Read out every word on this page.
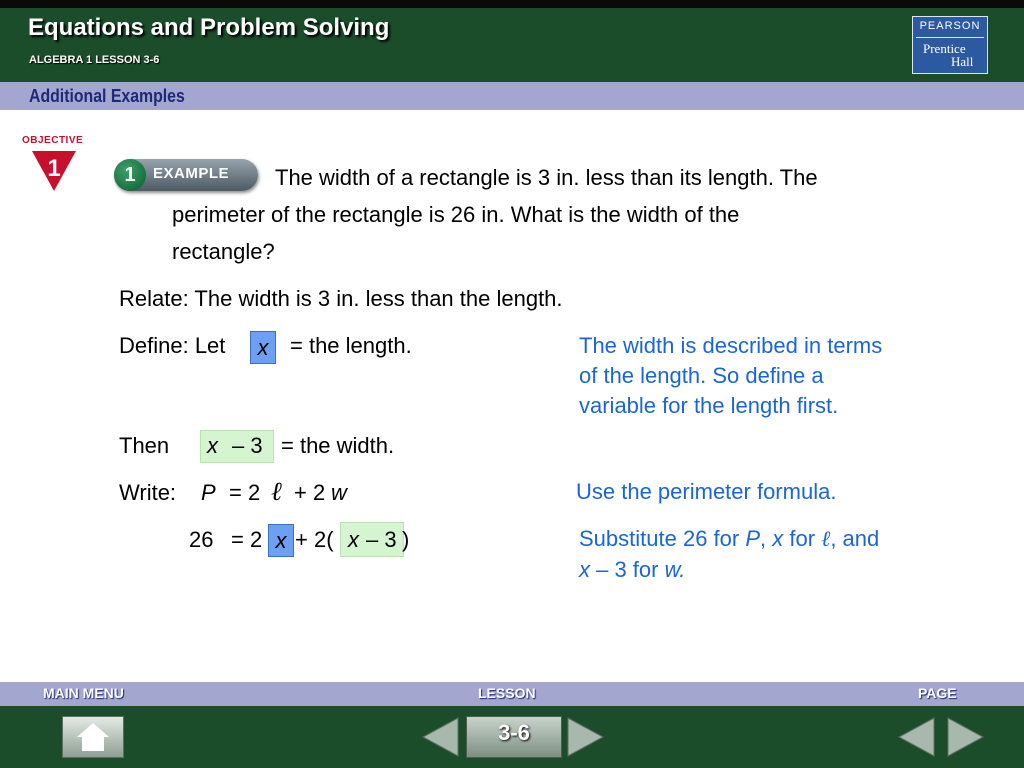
Equations and Problem Solving
ALGEBRA 1 LESSON 3-6
PEARSON
Prentice
Hall
Additional Examples
OBJECTIVE
1	1	EXAMPLE The width of a rectangle is 3 in. less than its length. The
perimeter of the rectangle is 26 in. What is the width of the
rectangle?
Relate: The width is 3 in. less than the length.
Define: Let	x = the length.
Then x – 3 = the width.
Write: P = 2 ℓ + 2 w
26 = 2 x + 2( x – 3 )
The width is described in terms
of the length. So define a
variable for the length first.
Use the perimeter formula.
Substitute 26 for P, x for ℓ, and
x – 3 for w.
MAIN MENU	LESSON	PAGE
3-6
